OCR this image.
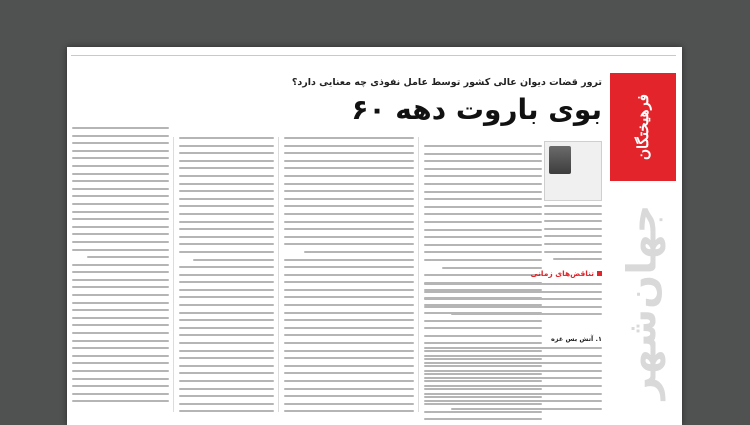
فرهیختگان
جهان‌شهر
ترور قضات دیوان عالی کشور توسط عامل نفوذی چه معنایی دارد؟
بوی باروت دهه ۶۰
تناقض‌های زمانی
۱. آتش بس غزه
